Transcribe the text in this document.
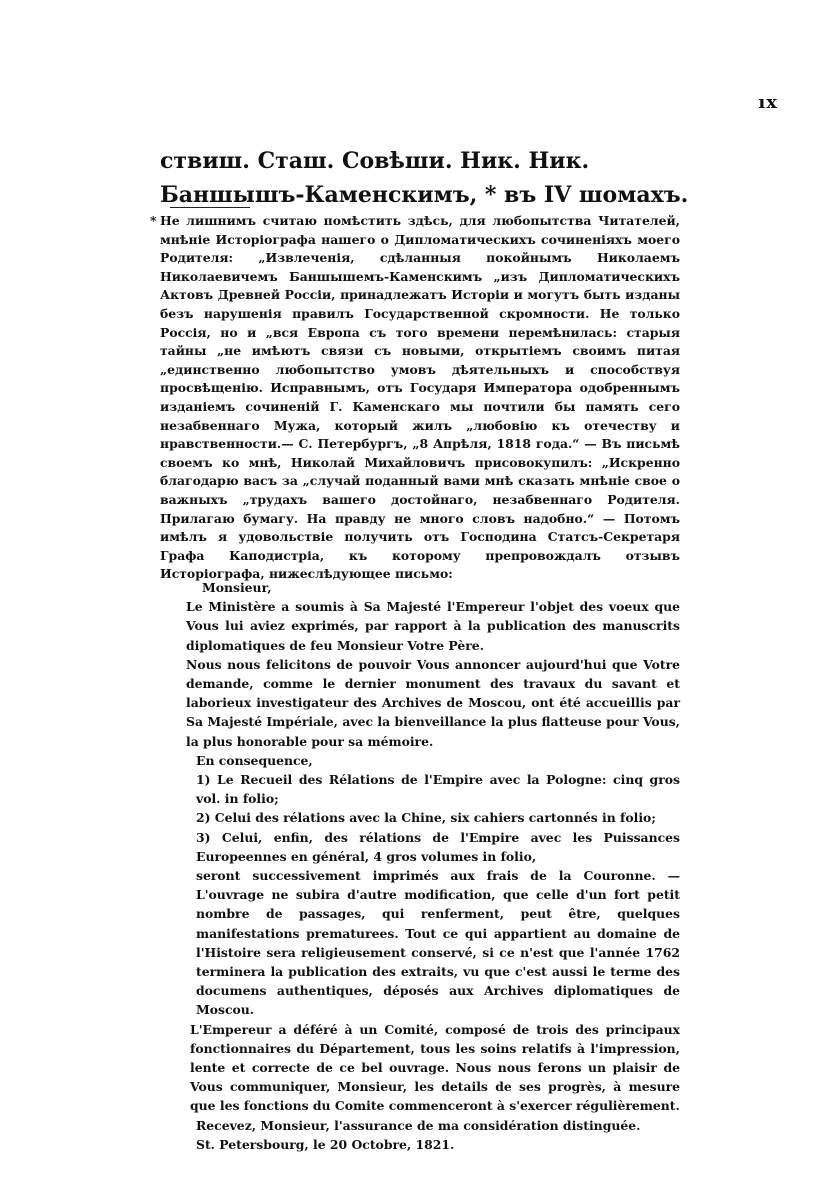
ıx
ствиш. Сташ. Совѣши. Ник. Ник. Баншышъ-Каменскимъ, * въ IV шомахъ.
* Не лишнимъ считаю помѣстить здѣсь, для любопытства Читателей, мнѣніе Исторіографа нашего о Дипломатическихъ сочиненіяхъ моего Родителя: „Извлеченія, сдѣланныя покойнымъ Николаемъ Николаевичемъ Баншышемъ-Каменскимъ „изъ Дипломатическихъ Актовъ Древней Россіи, принадлежатъ Исторіи и могутъ быть изданы безъ нарушенія правилъ Государственной скромности. Не только Россія, но и „вся Европа съ того времени перемѣнилась: старыя тайны „не имѣютъ связи съ новыми, открытіемъ своимъ питая „единственно любопытство умовъ дѣятельныхъ и способствуя просвѣщенію. Исправнымъ, отъ Государя Императора одобреннымъ изданіемъ сочиненій Г. Каменскаго мы почтили бы память сего незабвеннаго Мужа, который жилъ „любовію къ отечеству и нравственности.— С. Петербургъ, „8 Апрѣля, 1818 года.“ — Въ письмѣ своемъ ко мнѣ, Николай Михайловичъ присовокупилъ: „Искренно благодарю васъ за „случай поданный вами мнѣ сказать мнѣніе свое о важныхъ „трудахъ вашего достойнаго, незабвеннаго Родителя. Прилагаю бумагу. На правду не много словъ надобно.“ — Потомъ имѣлъ я удовольствіе получить отъ Господина Статсъ-Секретаря Графа Каподистріа, къ которому препровождалъ отзывъ Исторіографа, нижеслѣдующее письмо:

Monsieur,

Le Ministère a soumis à Sa Majesté l'Empereur l'objet des voeux que Vous lui aviez exprimés, par rapport à la publication des manuscrits diplomatiques de feu Monsieur Votre Père.

Nous nous felicitons de pouvoir Vous annoncer aujourd'hui que Votre demande, comme le dernier monument des travaux du savant et laborieux investigateur des Archives de Moscou, ont été accueillis par Sa Majesté Impériale, avec la bienveillance la plus flatteuse pour Vous, la plus honorable pour sa mémoire.

En consequence,

1) Le Recueil des Rélations de l'Empire avec la Pologne: cinq gros vol. in folio;

2) Celui des rélations avec la Chine, six cahiers cartonnés in folio;

3) Celui, enfin, des rélations de l'Empire avec les Puissances Europeennes en général, 4 gros volumes in folio,

seront successivement imprimés aux frais de la Couronne. — L'ouvrage ne subira d'autre modification, que celle d'un fort petit nombre de passages, qui renferment, peut être, quelques manifestations prematurees. Tout ce qui appartient au domaine de l'Histoire sera religieusement conservé, si ce n'est que l'année 1762 terminera la publication des extraits, vu que c'est aussi le terme des documens authentiques, déposés aux Archives diplomatiques de Moscou.

L'Empereur a déféré à un Comité, composé de trois des principaux fonctionnaires du Département, tous les soins relatifs à l'impression, lente et correcte de ce bel ouvrage. Nous nous ferons un plaisir de Vous communiquer, Monsieur, les details de ses progrès, à mesure que les fonctions du Comite commenceront à s'exercer régulièrement.

Recevez, Monsieur, l'assurance de ma considération distinguée.

St. Petersbourg, le 20 Octobre, 1821.
